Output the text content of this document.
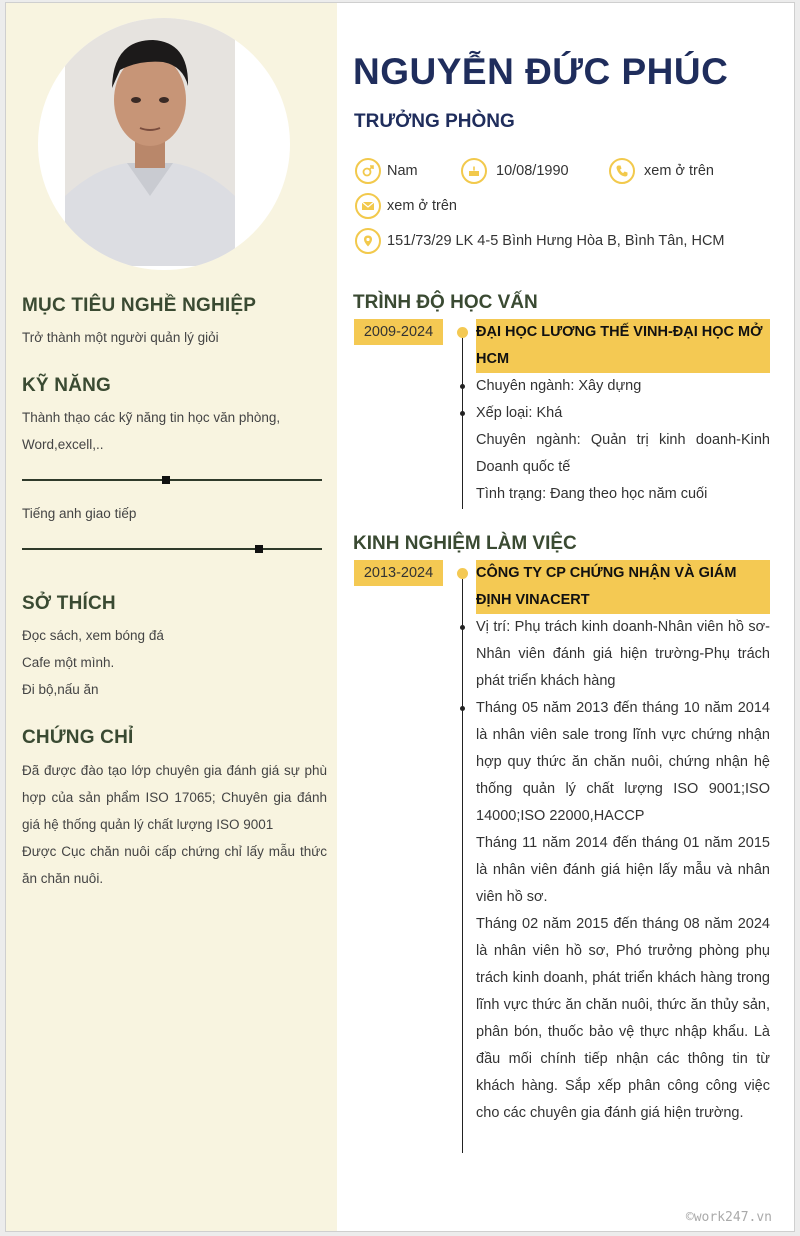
MỤC TIÊU NGHỀ NGHIỆP
Trở thành một người quản lý giỏi
KỸ NĂNG
Thành thạo các kỹ năng tin học văn phòng, Word,excell,..
Tiếng anh giao tiếp
SỞ THÍCH
Đọc sách, xem bóng đá
Cafe một mình.
Đi bộ,nấu ăn
CHỨNG CHỈ
Đã được đào tạo lớp chuyên gia đánh giá sự phù hợp của sản phẩm ISO 17065; Chuyên gia đánh giá hệ thống quản lý chất lượng ISO 9001
Được Cục chăn nuôi cấp chứng chỉ lấy mẫu thức ăn chăn nuôi.
NGUYỄN ĐỨC PHÚC
TRƯỞNG PHÒNG
Nam	10/08/1990	xem ở trên
xem ở trên
151/73/29 LK 4-5 Bình Hưng Hòa B, Bình Tân, HCM
TRÌNH ĐỘ HỌC VẤN
2009-2024	ĐẠI HỌC LƯƠNG THẾ VINH-ĐẠI HỌC MỞ HCM

Chuyên ngành: Xây dựng

Xếp loại: Khá

Chuyên ngành: Quản trị kinh doanh-Kinh Doanh quốc tế

Tình trạng: Đang theo học năm cuối

KINH NGHIỆM LÀM VIỆC
2013-2024	CÔNG TY CP CHỨNG NHẬN VÀ GIÁM ĐỊNH VINACERT

Vị trí: Phụ trách kinh doanh-Nhân viên hồ sơ-Nhân viên đánh giá hiện trường-Phụ trách phát triển khách hàng

Tháng 05 năm 2013 đến tháng 10 năm 2014 là nhân viên sale trong lĩnh vực chứng nhận hợp quy thức ăn chăn nuôi, chứng nhận hệ thống quản lý chất lượng ISO 9001;ISO 14000;ISO 22000,HACCP

Tháng 11 năm 2014 đến tháng 01 năm 2015 là nhân viên đánh giá hiện lấy mẫu và nhân viên hồ sơ.

Tháng 02 năm 2015 đến tháng 08 năm 2024 là nhân viên hồ sơ, Phó trưởng phòng phụ trách kinh doanh, phát triển khách hàng trong lĩnh vực thức ăn chăn nuôi, thức ăn thủy sản, phân bón, thuốc bảo vệ thực nhập khẩu. Là đầu mối chính tiếp nhận các thông tin từ khách hàng. Sắp xếp phân công công việc cho các chuyên gia đánh giá hiện trường.

©work247.vn
